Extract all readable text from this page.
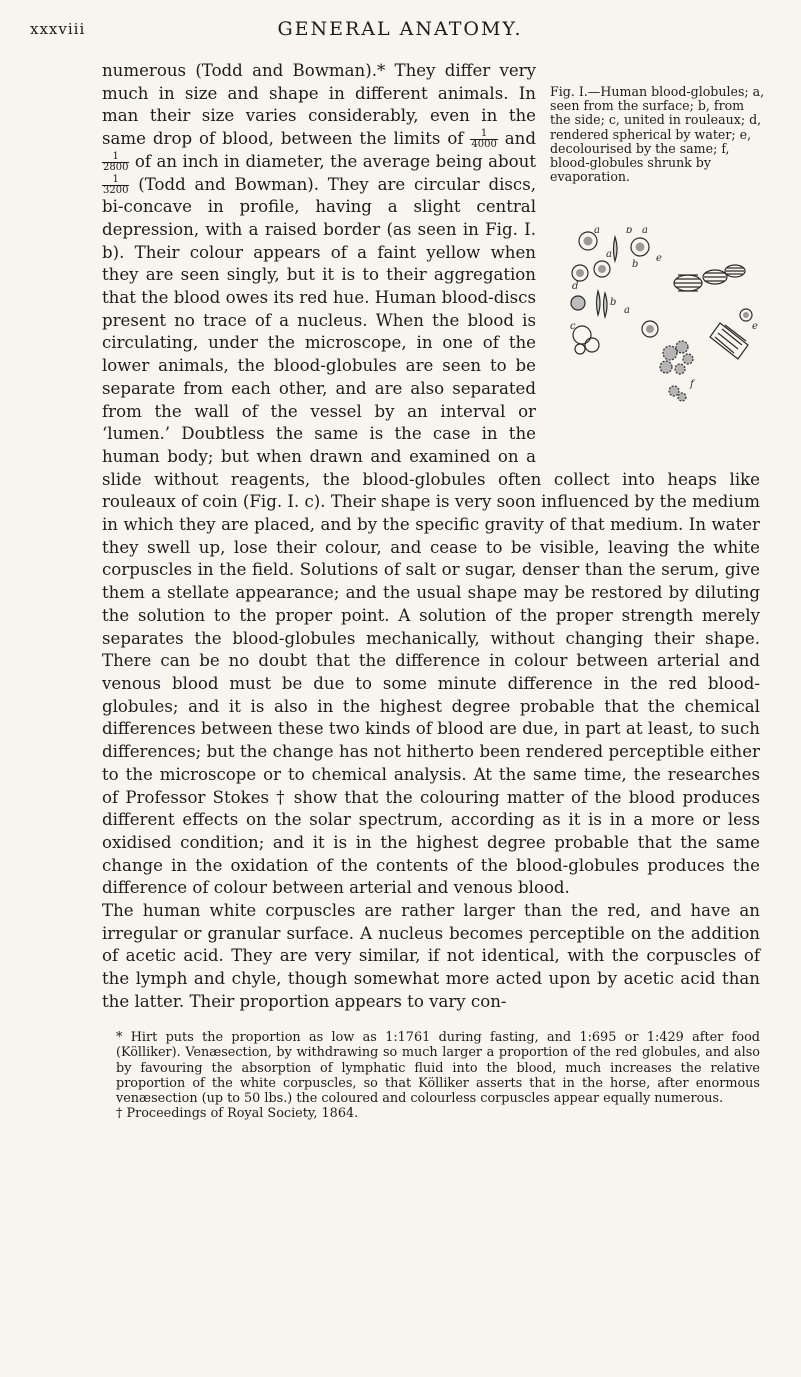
xxxviii	GENERAL ANATOMY.

Fig. I.—Human blood-globules; a, seen from the surface; b, from the side; c, united in rouleaux; d, rendered spherical by water; e, decolourised by the same; f, blood-globules shrunk by evaporation.
a	b a
a
b
d
b
e
a
c	e
f
numerous (Todd and Bowman).* They differ very much in size and shape in different animals. In man their size varies considerably, even in the same drop of blood, between the limits of $\frac{1}{4000}$ and
$\frac{1}{2800}$ of an inch in diameter, the average being about
$\frac{1}{3200}$ (Todd and Bowman). They are circular discs, bi-concave in profile, having a slight central depression, with a raised border (as seen in Fig. I. b). Their colour appears of a faint yellow when they are seen singly, but it is to their aggregation that the blood owes its red hue. Human blood-discs present no trace of a nucleus. When the blood is circulating, under the microscope, in one of the lower animals, the blood-globules are seen to be separate from each other, and are also separated from the wall of the vessel by an interval or ‘lumen.’ Doubtless the same is the case in the human body; but when drawn and examined on a slide without reagents, the blood-globules often collect into heaps like rouleaux of coin (Fig. I. c). Their shape is very soon influenced by the medium in which they are placed, and by the specific gravity of that medium. In water they swell up, lose their colour, and cease to be visible, leaving the white corpuscles in the field. Solutions of salt or sugar, denser than the serum, give them a stellate appearance; and the usual shape may be restored by diluting the solution to the proper point. A solution of the proper strength merely separates the blood-globules mechanically, without changing their shape. There can be no doubt that the difference in colour between arterial and venous blood must be due to some minute difference in the red blood-globules; and it is also in the highest degree probable that the chemical differences between these two kinds of blood are due, in part at least, to such differences; but the change has not hitherto been rendered perceptible either to the microscope or to chemical analysis. At the same time, the researches of Professor Stokes † show that the colouring matter of the blood produces different effects on the solar spectrum, according as it is in a more or less oxidised condition; and it is in the highest degree probable that the same change in the oxidation of the contents of the blood-globules produces the difference of colour between arterial and venous blood.

The human white corpuscles are rather larger than the red, and have an irregular or granular surface. A nucleus becomes perceptible on the addition of acetic acid. They are very similar, if not identical, with the corpuscles of the lymph and chyle, though somewhat more acted upon by acetic acid than the latter. Their proportion appears to vary con-

* Hirt puts the proportion as low as 1:1761 during fasting, and 1:695 or 1:429 after food (Kölliker). Venæsection, by withdrawing so much larger a proportion of the red globules, and also by favouring the absorption of lymphatic fluid into the blood, much increases the relative proportion of the white corpuscles, so that Kölliker asserts that in the horse, after enormous venæsection (up to 50 lbs.) the coloured and colourless corpuscles appear equally numerous.

† Proceedings of Royal Society, 1864.
